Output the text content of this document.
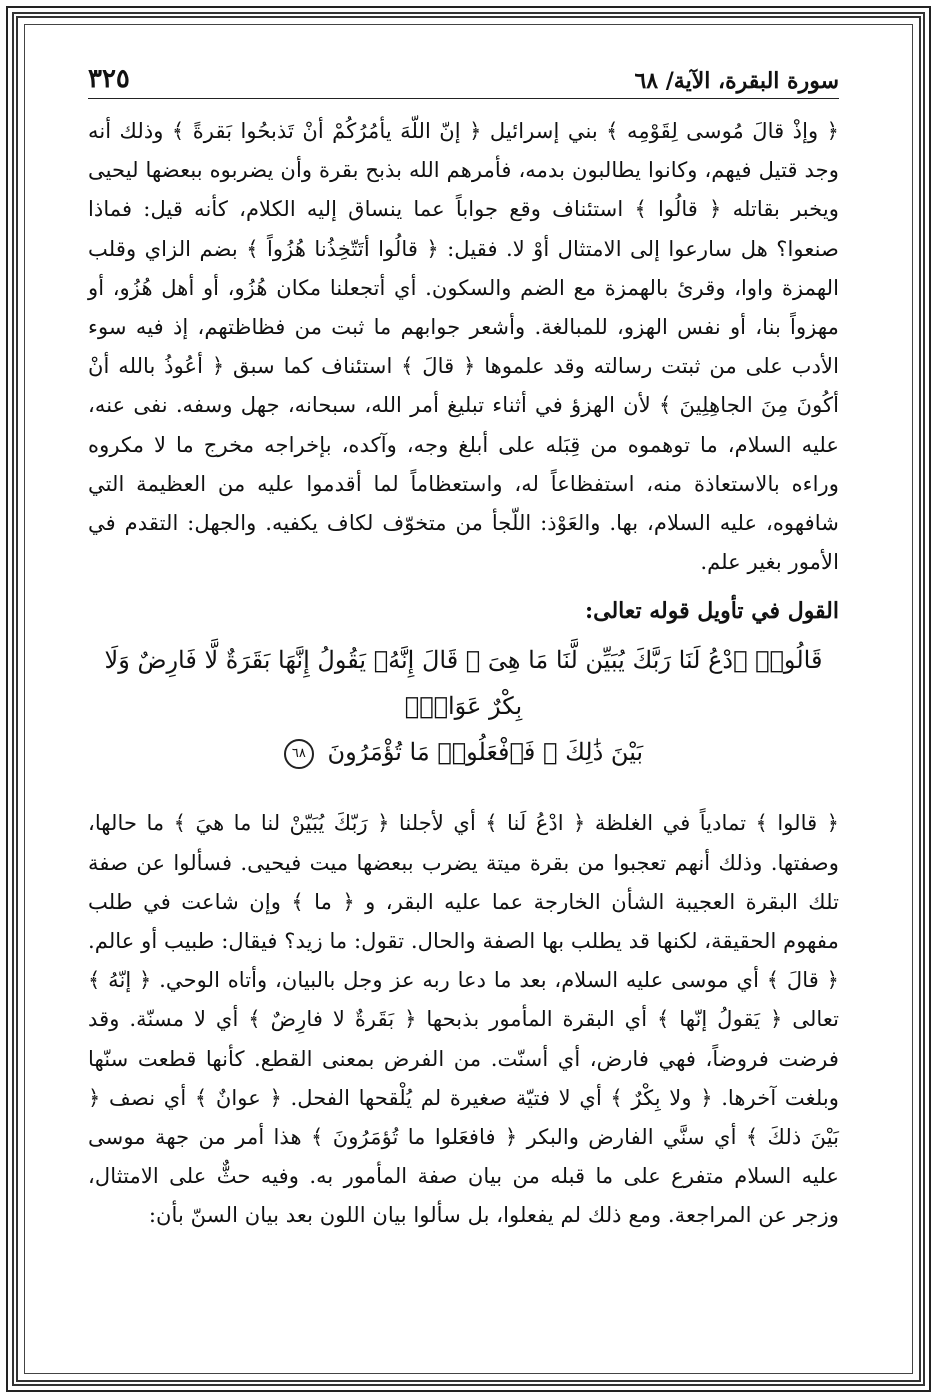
سورة البقرة، الآية/ ٦٨
٣٢٥

﴿ وإذْ قالَ مُوسى لِقَوْمِه ﴾ بني إسرائيل ﴿ إنّ اللّهَ يأمُرُكُمْ أنْ تَذبحُوا بَقرةً ﴾ وذلك أنه وجد قتيل فيهم، وكانوا يطالبون بدمه، فأمرهم الله بذبح بقرة وأن يضربوه ببعضها ليحيى ويخبر بقاتله ﴿ قالُوا ﴾ استئناف وقع جواباً عما ينساق إليه الكلام، كأنه قيل: فماذا صنعوا؟ هل سارعوا إلى الامتثال أوْ لا. فقيل: ﴿ قالُوا أتَتّخِذُنا هُزُواً ﴾ بضم الزاي وقلب الهمزة واوا، وقرئ بالهمزة مع الضم والسكون. أي أتجعلنا مكان هُزُو، أو أهل هُزُو، أو مهزواً بنا، أو نفس الهزو، للمبالغة. وأشعر جوابهم ما ثبت من فظاظتهم، إذ فيه سوء الأدب على من ثبتت رسالته وقد علموها ﴿ قالَ ﴾ استئناف كما سبق ﴿ أعُوذُ بالله أنْ أكُونَ مِنَ الجاهِلِينَ ﴾ لأن الهزؤ في أثناء تبليغ أمر الله، سبحانه، جهل وسفه. نفى عنه، عليه السلام، ما توهموه من قِبَله على أبلغ وجه، وآكده، بإخراجه مخرج ما لا مكروه وراءه بالاستعاذة منه، استفظاعاً له، واستعظاماً لما أقدموا عليه من العظيمة التي شافهوه، عليه السلام، بها. والعَوْذ: اللّجأ من متخوّف لكاف يكفيه. والجهل: التقدم في الأمور بغير علم.

القول في تأويل قوله تعالى:
قَالُوا۟ ٱدْعُ لَنَا رَبَّكَ يُبَيِّن لَّنَا مَا هِىَ ۚ قَالَ إِنَّهُۥ يَقُولُ إِنَّهَا بَقَرَةٌ لَّا فَارِضٌ وَلَا بِكْرٌ عَوَانٌۢ
بَيْنَ ذَٰلِكَ ۖ فَٱفْعَلُوا۟ مَا تُؤْمَرُونَ ٦٨

﴿ قالوا ﴾ تمادياً في الغلظة ﴿ ادْعُ لَنا ﴾ أي لأجلنا ﴿ رَبّكَ يُبَيّنْ لنا ما هيَ ﴾ ما حالها، وصفتها. وذلك أنهم تعجبوا من بقرة ميتة يضرب ببعضها ميت فيحيى. فسألوا عن صفة تلك البقرة العجيبة الشأن الخارجة عما عليه البقر، و ﴿ ما ﴾ وإن شاعت في طلب مفهوم الحقيقة، لكنها قد يطلب بها الصفة والحال. تقول: ما زيد؟ فيقال: طبيب أو عالم. ﴿ قالَ ﴾ أي موسى عليه السلام، بعد ما دعا ربه عز وجل بالبيان، وأتاه الوحي. ﴿ إنّهُ ﴾ تعالى ﴿ يَقولُ إنّها ﴾ أي البقرة المأمور بذبحها ﴿ بَقَرةٌ لا فارِضٌ ﴾ أي لا مسنّة. وقد فرضت فروضاً، فهي فارض، أي أسنّت. من الفرض بمعنى القطع. كأنها قطعت سنّها وبلغت آخرها. ﴿ ولا بِكْرٌ ﴾ أي لا فتيّة صغيرة لم يُلْقحها الفحل. ﴿ عوانٌ ﴾ أي نصف ﴿ بَيْنَ ذلكَ ﴾ أي سنَّي الفارض والبكر ﴿ فافعَلوا ما تُؤمَرُونَ ﴾ هذا أمر من جهة موسى عليه السلام متفرع على ما قبله من بيان صفة المأمور به. وفيه حثٌّ على الامتثال، وزجر عن المراجعة. ومع ذلك لم يفعلوا، بل سألوا بيان اللون بعد بيان السنّ بأن:
